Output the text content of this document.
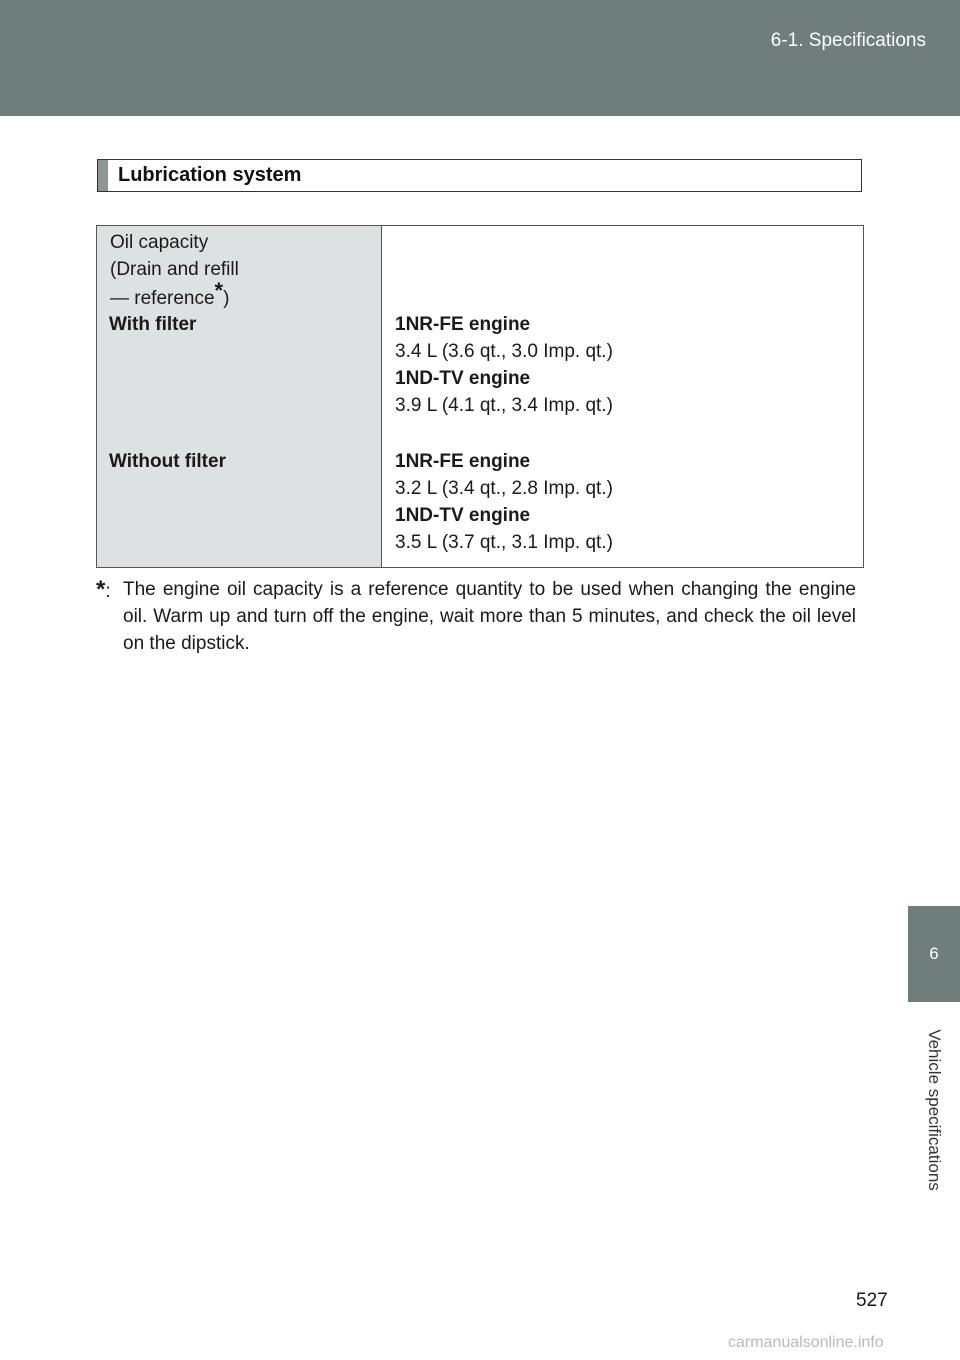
6-1. Specifications
6
Vehicle specifications
Lubrication system
Oil capacity
(Drain and refill
— reference*)
With filter
Without filter
1NR-FE engine
3.4 L (3.6 qt., 3.0 Imp. qt.)
1ND-TV engine
3.9 L (4.1 qt., 3.4 Imp. qt.)
1NR-FE engine
3.2 L (3.4 qt., 2.8 Imp. qt.)
1ND-TV engine
3.5 L (3.7 qt., 3.1 Imp. qt.)
*: The engine oil capacity is a reference quantity to be used when changing the engine oil. Warm up and turn off the engine, wait more than 5 minutes, and check the oil level on the dipstick.
527
carmanualsonline.info
